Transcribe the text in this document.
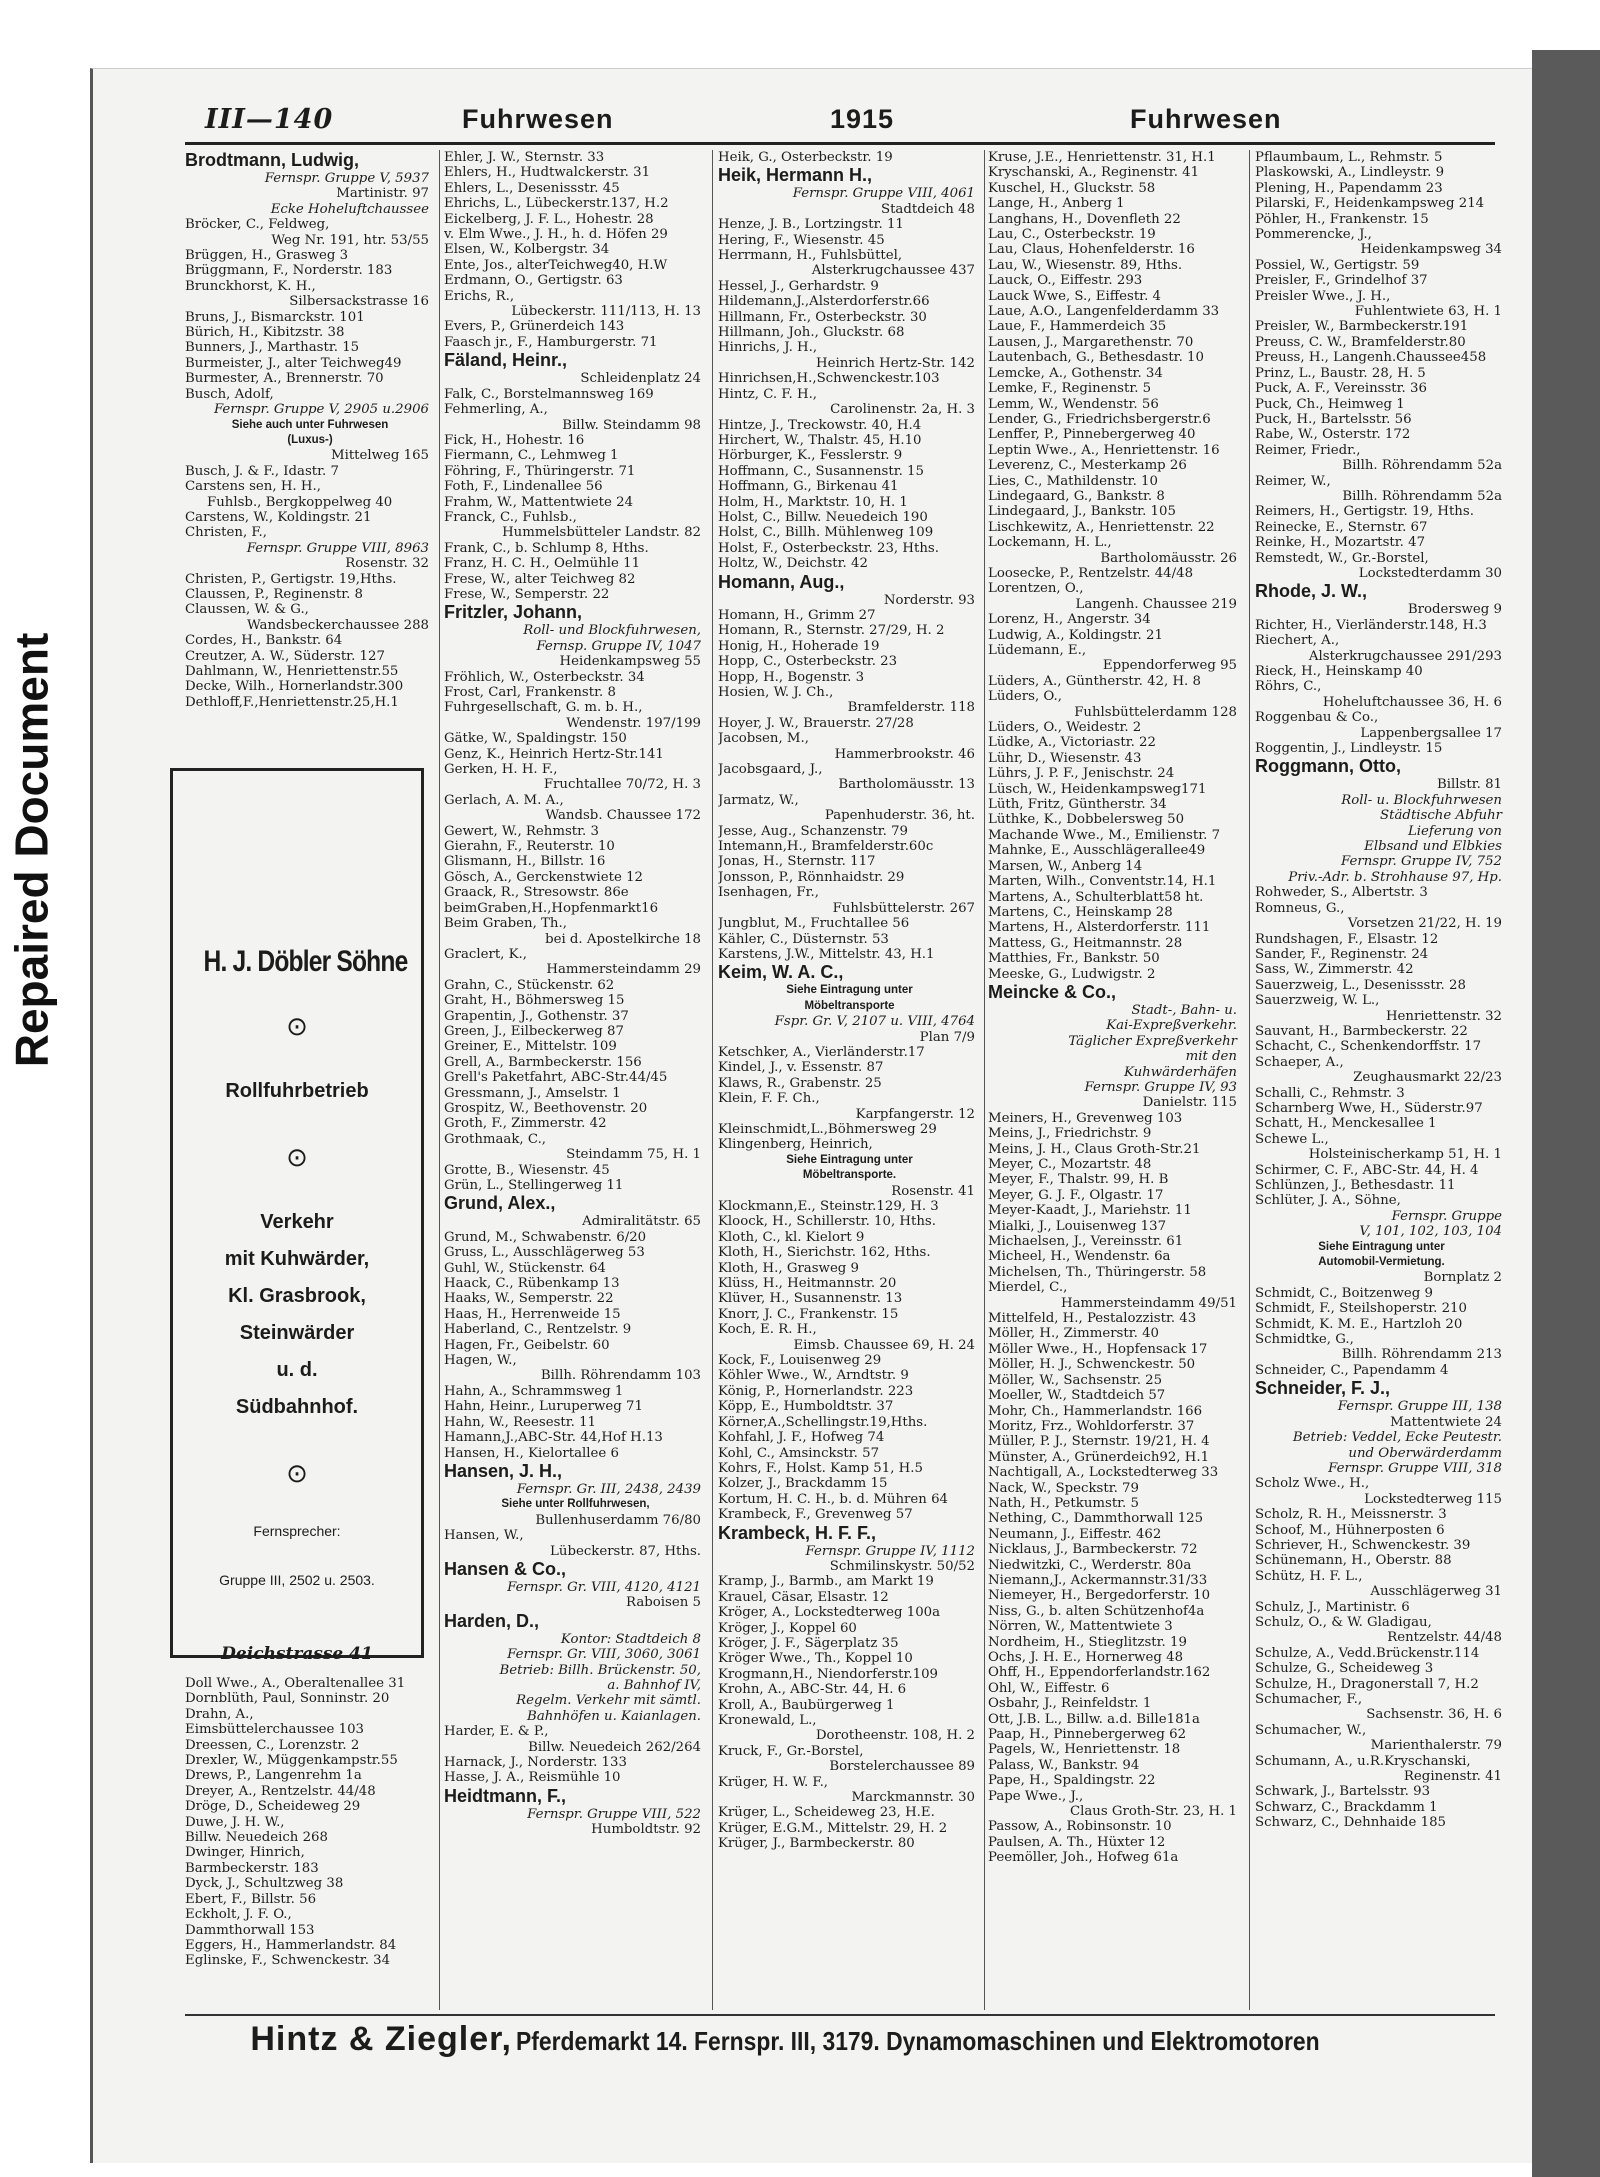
Repaired Document
III—140	Fuhrwesen	1915	Fuhrwesen
Brodtmann, Ludwig,
Fernspr. Gruppe V, 5937
Martinistr. 97
Ecke Hoheluftchaussee
Bröcker, C., Feldweg,
Weg Nr. 191, htr. 53/55
Brüggen, H., Grasweg 3
Brüggmann, F., Norderstr. 183
Brunckhorst, K. H.,
Silbersackstrasse 16
Bruns, J., Bismarckstr. 101
Bürich, H., Kibitzstr. 38
Bunners, J., Marthastr. 15
Burmeister, J., alter Teichweg49
Burmester, A., Brennerstr. 70
Busch, Adolf,
Fernspr. Gruppe V, 2905 u.2906
Siehe auch unter Fuhrwesen
(Luxus-)
Mittelweg 165
Busch, J. & F., Idastr. 7
Carstens sen, H. H.,
Fuhlsb., Bergkoppelweg 40
Carstens, W., Koldingstr. 21
Christen, F.,
Fernspr. Gruppe VIII, 8963
Rosenstr. 32
Christen, P., Gertigstr. 19,Hths.
Claussen, P., Reginenstr. 8
Claussen, W. & G.,
Wandsbeckerchaussee 288
Cordes, H., Bankstr. 64
Creutzer, A. W., Süderstr. 127
Dahlmann, W., Henriettenstr.55
Decke, Wilh., Hornerlandstr.300
Dethloff,F.,Henriettenstr.25,H.1
Ehler, J. W., Sternstr. 33
Ehlers, H., Hudtwalckerstr. 31
Ehlers, L., Desenissstr. 45
Ehrichs, L., Lübeckerstr.137, H.2
Eickelberg, J. F. L., Hohestr. 28
v. Elm Wwe., J. H., h. d. Höfen 29
Elsen, W., Kolbergstr. 34
Ente, Jos., alterTeichweg40, H.W
Erdmann, O., Gertigstr. 63
Erichs, R.,
Lübeckerstr. 111/113, H. 13
Evers, P., Grünerdeich 143
Faasch jr., F., Hamburgerstr. 71
Fäland, Heinr.,
Schleidenplatz 24
Falk, C., Borstelmannsweg 169
Fehmerling, A.,
Billw. Steindamm 98
Fick, H., Hohestr. 16
Fiermann, C., Lehmweg 1
Föhring, F., Thüringerstr. 71
Foth, F., Lindenallee 56
Frahm, W., Mattentwiete 24
Franck, C., Fuhlsb.,
Hummelsbütteler Landstr. 82
Frank, C., b. Schlump 8, Hths.
Franz, H. C. H., Oelmühle 11
Frese, W., alter Teichweg 82
Frese, W., Semperstr. 22
Fritzler, Johann,
Roll- und Blockfuhrwesen,
Fernsp. Gruppe IV, 1047
Heidenkampsweg 55
Fröhlich, W., Osterbeckstr. 34
Frost, Carl, Frankenstr. 8
Fuhrgesellschaft, G. m. b. H.,
Wendenstr. 197/199
Gätke, W., Spaldingstr. 150
Genz, K., Heinrich Hertz-Str.141
Gerken, H. H. F.,
Fruchtallee 70/72, H. 3
Gerlach, A. M. A.,
Wandsb. Chaussee 172
Gewert, W., Rehmstr. 3
Gierahn, F., Reuterstr. 10
Glismann, H., Billstr. 16
Gösch, A., Gerckenstwiete 12
Graack, R., Stresowstr. 86e
beimGraben,H.,Hopfenmarkt16
Beim Graben, Th.,
bei d. Apostelkirche 18
Graclert, K.,
Hammersteindamm 29
Grahn, C., Stückenstr. 62
Graht, H., Böhmersweg 15
Grapentin, J., Gothenstr. 37
Green, J., Eilbeckerweg 87
Greiner, E., Mittelstr. 109
Grell, A., Barmbeckerstr. 156
Grell's Paketfahrt, ABC-Str.44/45
Gressmann, J., Amselstr. 1
Grospitz, W., Beethovenstr. 20
Groth, F., Zimmerstr. 42
Grothmaak, C.,
Steindamm 75, H. 1
Grotte, B., Wiesenstr. 45
Grün, L., Stellingerweg 11
Grund, Alex.,
Admiralitätstr. 65
Grund, M., Schwabenstr. 6/20
Gruss, L., Ausschlägerweg 53
Guhl, W., Stückenstr. 64
Haack, C., Rübenkamp 13
Haaks, W., Semperstr. 22
Haas, H., Herrenweide 15
Haberland, C., Rentzelstr. 9
Hagen, Fr., Geibelstr. 60
Hagen, W.,
Billh. Röhrendamm 103
Hahn, A., Schrammsweg 1
Hahn, Heinr., Luruperweg 71
Hahn, W., Reesestr. 11
Hamann,J.,ABC-Str. 44,Hof H.13
Hansen, H., Kielortallee 6
Hansen, J. H.,
Fernspr. Gr. III, 2438, 2439
Siehe unter Rollfuhrwesen,
Bullenhuserdamm 76/80
Hansen, W.,
Lübeckerstr. 87, Hths.
Hansen & Co.,
Fernspr. Gr. VIII, 4120, 4121
Raboisen 5
Harden, D.,
Kontor: Stadtdeich 8
Fernspr. Gr. VIII, 3060, 3061
Betrieb: Billh. Brückenstr. 50,
a. Bahnhof IV,
Regelm. Verkehr mit sämtl.
Bahnhöfen u. Kaianlagen.
Harder, E. & P.,
Billw. Neuedeich 262/264
Harnack, J., Norderstr. 133
Hasse, J. A., Reismühle 10
Heidtmann, F.,
Fernspr. Gruppe VIII, 522
Humboldtstr. 92
Heik, G., Osterbeckstr. 19
Heik, Hermann H.,
Fernspr. Gruppe VIII, 4061
Stadtdeich 48
Henze, J. B., Lortzingstr. 11
Hering, F., Wiesenstr. 45
Herrmann, H., Fuhlsbüttel,
Alsterkrugchaussee 437
Hessel, J., Gerhardstr. 9
Hildemann,J.,Alsterdorferstr.66
Hillmann, Fr., Osterbeckstr. 30
Hillmann, Joh., Gluckstr. 68
Hinrichs, J. H.,
Heinrich Hertz-Str. 142
Hinrichsen,H.,Schwenckestr.103
Hintz, C. F. H.,
Carolinenstr. 2a, H. 3
Hintze, J., Treckowstr. 40, H.4
Hirchert, W., Thalstr. 45, H.10
Hörburger, K., Fesslerstr. 9
Hoffmann, C., Susannenstr. 15
Hoffmann, G., Birkenau 41
Holm, H., Marktstr. 10, H. 1
Holst, C., Billw. Neuedeich 190
Holst, C., Billh. Mühlenweg 109
Holst, F., Osterbeckstr. 23, Hths.
Holtz, W., Deichstr. 42
Homann, Aug.,
Norderstr. 93
Homann, H., Grimm 27
Homann, R., Sternstr. 27/29, H. 2
Honig, H., Hoherade 19
Hopp, C., Osterbeckstr. 23
Hopp, H., Bogenstr. 3
Hosien, W. J. Ch.,
Bramfelderstr. 118
Hoyer, J. W., Brauerstr. 27/28
Jacobsen, M.,
Hammerbrookstr. 46
Jacobsgaard, J.,
Bartholomäusstr. 13
Jarmatz, W.,
Papenhuderstr. 36, ht.
Jesse, Aug., Schanzenstr. 79
Intemann,H., Bramfelderstr.60c
Jonas, H., Sternstr. 117
Jonsson, P., Rönnhaidstr. 29
Isenhagen, Fr.,
Fuhlsbüttelerstr. 267
Jungblut, M., Fruchtallee 56
Kähler, C., Düsternstr. 53
Karstens, J.W., Mittelstr. 43, H.1
Keim, W. A. C.,
Siehe Eintragung unter
Möbeltransporte
Fspr. Gr. V, 2107 u. VIII, 4764
Plan 7/9
Ketschker, A., Vierländerstr.17
Kindel, J., v. Essenstr. 87
Klaws, R., Grabenstr. 25
Klein, F. F. Ch.,
Karpfangerstr. 12
Kleinschmidt,L.,Böhmersweg 29
Klingenberg, Heinrich,
Siehe Eintragung unter
Möbeltransporte.
Rosenstr. 41
Klockmann,E., Steinstr.129, H. 3
Kloock, H., Schillerstr. 10, Hths.
Kloth, C., kl. Kielort 9
Kloth, H., Sierichstr. 162, Hths.
Kloth, H., Grasweg 9
Klüss, H., Heitmannstr. 20
Klüver, H., Susannenstr. 13
Knorr, J. C., Frankenstr. 15
Koch, E. R. H.,
Eimsb. Chaussee 69, H. 24
Kock, F., Louisenweg 29
Köhler Wwe., W., Arndtstr. 9
König, P., Hornerlandstr. 223
Köpp, E., Humboldtstr. 37
Körner,A.,Schellingstr.19,Hths.
Kohfahl, J. F., Hofweg 74
Kohl, C., Amsinckstr. 57
Kohrs, F., Holst. Kamp 51, H.5
Kolzer, J., Brackdamm 15
Kortum, H. C. H., b. d. Mühren 64
Krambeck, F., Grevenweg 57
Krambeck, H. F. F.,
Fernspr. Gruppe IV, 1112
Schmilinskystr. 50/52
Kramp, J., Barmb., am Markt 19
Krauel, Cäsar, Elsastr. 12
Kröger, A., Lockstedterweg 100a
Kröger, J., Koppel 60
Kröger, J. F., Sägerplatz 35
Kröger Wwe., Th., Koppel 10
Krogmann,H., Niendorferstr.109
Krohn, A., ABC-Str. 44, H. 6
Kroll, A., Baubürgerweg 1
Kronewald, L.,
Dorotheenstr. 108, H. 2
Kruck, F., Gr.-Borstel,
Borstelerchaussee 89
Krüger, H. W. F.,
Marckmannstr. 30
Krüger, L., Scheideweg 23, H.E.
Krüger, E.G.M., Mittelstr. 29, H. 2
Krüger, J., Barmbeckerstr. 80
Kruse, J.E., Henriettenstr. 31, H.1
Kryschanski, A., Reginenstr. 41
Kuschel, H., Gluckstr. 58
Lange, H., Anberg 1
Langhans, H., Dovenfleth 22
Lau, C., Osterbeckstr. 19
Lau, Claus, Hohenfelderstr. 16
Lau, W., Wiesenstr. 89, Hths.
Lauck, O., Eiffestr. 293
Lauck Wwe, S., Eiffestr. 4
Laue, A.O., Langenfelderdamm 33
Laue, F., Hammerdeich 35
Lausen, J., Margarethenstr. 70
Lautenbach, G., Bethesdastr. 10
Lemcke, A., Gothenstr. 34
Lemke, F., Reginenstr. 5
Lemm, W., Wendenstr. 56
Lender, G., Friedrichsbergerstr.6
Lenffer, P., Pinnebergerweg 40
Leptin Wwe., A., Henriettenstr. 16
Leverenz, C., Mesterkamp 26
Lies, C., Mathildenstr. 10
Lindegaard, G., Bankstr. 8
Lindegaard, J., Bankstr. 105
Lischkewitz, A., Henriettenstr. 22
Lockemann, H. L.,
Bartholomäusstr. 26
Loosecke, P., Rentzelstr. 44/48
Lorentzen, O.,
Langenh. Chaussee 219
Lorenz, H., Angerstr. 34
Ludwig, A., Koldingstr. 21
Lüdemann, E.,
Eppendorferweg 95
Lüders, A., Güntherstr. 42, H. 8
Lüders, O.,
Fuhlsbüttelerdamm 128
Lüders, O., Weidestr. 2
Lüdke, A., Victoriastr. 22
Lühr, D., Wiesenstr. 43
Lührs, J. P. F., Jenischstr. 24
Lüsch, W., Heidenkampsweg171
Lüth, Fritz, Güntherstr. 34
Lüthke, K., Dobbelersweg 50
Machande Wwe., M., Emilienstr. 7
Mahnke, E., Ausschlägerallee49
Marsen, W., Anberg 14
Marten, Wilh., Conventstr.14, H.1
Martens, A., Schulterblatt58 ht.
Martens, C., Heinskamp 28
Martens, H., Alsterdorferstr. 111
Mattess, G., Heitmannstr. 28
Matthies, Fr., Bankstr. 50
Meeske, G., Ludwigstr. 2
Meincke & Co.,
Stadt-, Bahn- u.
Kai-Expreßverkehr.
Täglicher Expreßverkehr
mit den
Kuhwärderhäfen
Fernspr. Gruppe IV, 93
Danielstr. 115
Meiners, H., Grevenweg 103
Meins, J., Friedrichstr. 9
Meins, J. H., Claus Groth-Str.21
Meyer, C., Mozartstr. 48
Meyer, F., Thalstr. 99, H. B
Meyer, G. J. F., Olgastr. 17
Meyer-Kaadt, J., Mariehstr. 11
Mialki, J., Louisenweg 137
Michaelsen, J., Vereinsstr. 61
Micheel, H., Wendenstr. 6a
Michelsen, Th., Thüringerstr. 58
Mierdel, C.,
Hammersteindamm 49/51
Mittelfeld, H., Pestalozzistr. 43
Möller, H., Zimmerstr. 40
Möller Wwe., H., Hopfensack 17
Möller, H. J., Schwenckestr. 50
Möller, W., Sachsenstr. 25
Moeller, W., Stadtdeich 57
Mohr, Ch., Hammerlandstr. 166
Moritz, Frz., Wohldorferstr. 37
Müller, P. J., Sternstr. 19/21, H. 4
Münster, A., Grünerdeich92, H.1
Nachtigall, A., Lockstedterweg 33
Nack, W., Speckstr. 79
Nath, H., Petkumstr. 5
Nething, C., Dammthorwall 125
Neumann, J., Eiffestr. 462
Nicklaus, J., Barmbeckerstr. 72
Niedwitzki, C., Werderstr. 80a
Niemann,J., Ackermannstr.31/33
Niemeyer, H., Bergedorferstr. 10
Niss, G., b. alten Schützenhof4a
Nörren, W., Mattentwiete 3
Nordheim, H., Stieglitzstr. 19
Ochs, J. H. E., Hornerweg 48
Ohff, H., Eppendorferlandstr.162
Ohl, W., Eiffestr. 6
Osbahr, J., Reinfeldstr. 1
Ott, J.B. L., Billw. a.d. Bille181a
Paap, H., Pinnebergerweg 62
Pagels, W., Henriettenstr. 18
Palass, W., Bankstr. 94
Pape, H., Spaldingstr. 22
Pape Wwe., J.,
Claus Groth-Str. 23, H. 1
Passow, A., Robinsonstr. 10
Paulsen, A. Th., Hüxter 12
Peemöller, Joh., Hofweg 61a
Pflaumbaum, L., Rehmstr. 5
Plaskowski, A., Lindleystr. 9
Plening, H., Papendamm 23
Pilarski, F., Heidenkampsweg 214
Pöhler, H., Frankenstr. 15
Pommerencke, J.,
Heidenkampsweg 34
Possiel, W., Gertigstr. 59
Preisler, F., Grindelhof 37
Preisler Wwe., J. H.,
Fuhlentwiete 63, H. 1
Preisler, W., Barmbeckerstr.191
Preuss, C. W., Bramfelderstr.80
Preuss, H., Langenh.Chaussee458
Prinz, L., Baustr. 28, H. 5
Puck, A. F., Vereinsstr. 36
Puck, Ch., Heimweg 1
Puck, H., Bartelsstr. 56
Rabe, W., Osterstr. 172
Reimer, Friedr.,
Billh. Röhrendamm 52a
Reimer, W.,
Billh. Röhrendamm 52a
Reimers, H., Gertigstr. 19, Hths.
Reinecke, E., Sternstr. 67
Reinke, H., Mozartstr. 47
Remstedt, W., Gr.-Borstel,
Lockstedterdamm 30
Rhode, J. W.,
Brodersweg 9
Richter, H., Vierländerstr.148, H.3
Riechert, A.,
Alsterkrugchaussee 291/293
Rieck, H., Heinskamp 40
Röhrs, C.,
Hoheluftchaussee 36, H. 6
Roggenbau & Co.,
Lappenbergsallee 17
Roggentin, J., Lindleystr. 15
Roggmann, Otto,
Billstr. 81
Roll- u. Blockfuhrwesen
Städtische Abfuhr
Lieferung von
Elbsand und Elbkies
Fernspr. Gruppe IV, 752
Priv.-Adr. b. Strohhause 97, Hp.
Rohweder, S., Albertstr. 3
Romneus, G.,
Vorsetzen 21/22, H. 19
Rundshagen, F., Elsastr. 12
Sander, F., Reginenstr. 24
Sass, W., Zimmerstr. 42
Sauerzweig, L., Desenissstr. 28
Sauerzweig, W. L.,
Henriettenstr. 32
Sauvant, H., Barmbeckerstr. 22
Schacht, C., Schenkendorffstr. 17
Schaeper, A.,
Zeughausmarkt 22/23
Schalli, C., Rehmstr. 3
Scharnberg Wwe, H., Süderstr.97
Schatt, H., Menckesallee 1
Schewe L.,
Holsteinischerkamp 51, H. 1
Schirmer, C. F., ABC-Str. 44, H. 4
Schlünzen, J., Bethesdastr. 11
Schlüter, J. A., Söhne,
Fernspr. Gruppe
V, 101, 102, 103, 104
Siehe Eintragung unter
Automobil-Vermietung.
Bornplatz 2
Schmidt, C., Boitzenweg 9
Schmidt, F., Steilshoperstr. 210
Schmidt, K. M. E., Hartzloh 20
Schmidtke, G.,
Billh. Röhrendamm 213
Schneider, C., Papendamm 4
Schneider, F. J.,
Fernspr. Gruppe III, 138
Mattentwiete 24
Betrieb: Veddel, Ecke Peutestr.
und Oberwärderdamm
Fernspr. Gruppe VIII, 318
Scholz Wwe., H.,
Lockstedterweg 115
Scholz, R. H., Meissnerstr. 3
Schoof, M., Hühnerposten 6
Schriever, H., Schwenckestr. 39
Schünemann, H., Oberstr. 88
Schütz, H. F. L.,
Ausschlägerweg 31
Schulz, J., Martinistr. 6
Schulz, O., & W. Gladigau,
Rentzelstr. 44/48
Schulze, A., Vedd.Brückenstr.114
Schulze, G., Scheideweg 3
Schulze, H., Dragonerstall 7, H.2
Schumacher, F.,
Sachsenstr. 36, H. 6
Schumacher, W.,
Marienthalerstr. 79
Schumann, A., u.R.Kryschanski,
Reginenstr. 41
Schwark, J., Bartelsstr. 93
Schwarz, C., Brackdamm 1
Schwarz, C., Dehnhaide 185
H. J. Döbler Söhne
⊙
Rollfuhrbetrieb
⊙
Verkehr
mit Kuhwärder,
Kl. Grasbrook,
Steinwärder
u. d.
Südbahnhof.
⊙
Fernsprecher:
Gruppe III, 2502 u. 2503.
Deichstrasse 41
Doll Wwe., A., Oberaltenallee 31
Dornblüth, Paul, Sonninstr. 20
Drahn, A.,
Eimsbüttelerchaussee 103
Dreessen, C., Lorenzstr. 2
Drexler, W., Müggenkampstr.55
Drews, P., Langenrehm 1a
Dreyer, A., Rentzelstr. 44/48
Dröge, D., Scheideweg 29
Duwe, J. H. W.,
Billw. Neuedeich 268
Dwinger, Hinrich,
Barmbeckerstr. 183
Dyck, J., Schultzweg 38
Ebert, F., Billstr. 56
Eckholt, J. F. O.,
Dammthorwall 153
Eggers, H., Hammerlandstr. 84
Eglinske, F., Schwenckestr. 34
Hintz & Ziegler, Pferdemarkt 14. Fernspr. III, 3179. Dynamomaschinen und Elektromotoren
